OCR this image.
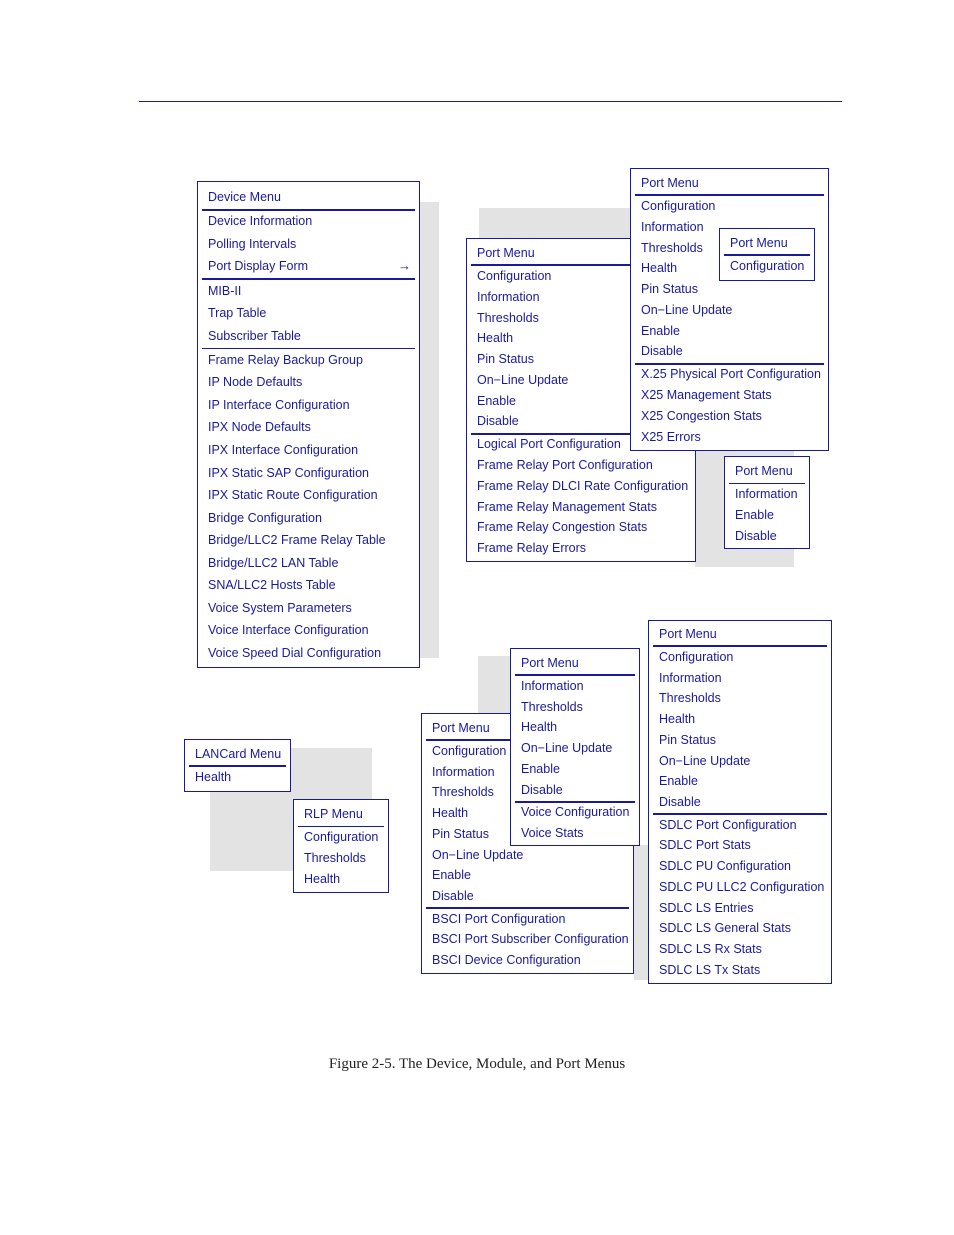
Device Menu
Device Information
Polling Intervals
Port Display Form	→
MIB-II
Trap Table
Subscriber Table
Frame Relay Backup Group
IP Node Defaults
IP Interface Configuration
IPX Node Defaults
IPX Interface Configuration
IPX Static SAP Configuration
IPX Static Route Configuration
Bridge Configuration
Bridge/LLC2 Frame Relay Table
Bridge/LLC2 LAN Table
SNA/LLC2 Hosts Table
Voice System Parameters
Voice Interface Configuration
Voice Speed Dial Configuration
Port Menu
Configuration
Information
Thresholds
Health
Pin Status
On−Line Update
Enable
Disable
Logical Port Configuration
Frame Relay Port Configuration
Frame Relay DLCI Rate Configuration
Frame Relay Management Stats
Frame Relay Congestion Stats
Frame Relay Errors
Port Menu
Configuration
Information
Thresholds
Health
Pin Status
On−Line Update
Enable
Disable
X.25 Physical Port Configuration
X25 Management Stats
X25 Congestion Stats
X25 Errors
Port Menu
Configuration
Port Menu
Information
Enable
Disable
LANCard Menu
Health
RLP Menu
Configuration
Thresholds
Health
Port Menu
Configuration
Information
Thresholds
Health
Pin Status
On−Line Update
Enable
Disable
BSCI Port Configuration
BSCI Port Subscriber Configuration
BSCI Device Configuration
Port Menu
Information
Thresholds
Health
On−Line Update
Enable
Disable
Voice Configuration
Voice Stats
Port Menu
Configuration
Information
Thresholds
Health
Pin Status
On−Line Update
Enable
Disable
SDLC Port Configuration
SDLC Port Stats
SDLC PU Configuration
SDLC PU LLC2 Configuration
SDLC LS Entries
SDLC LS General Stats
SDLC LS Rx Stats
SDLC LS Tx Stats
Figure 2-5. The Device, Module, and Port Menus
